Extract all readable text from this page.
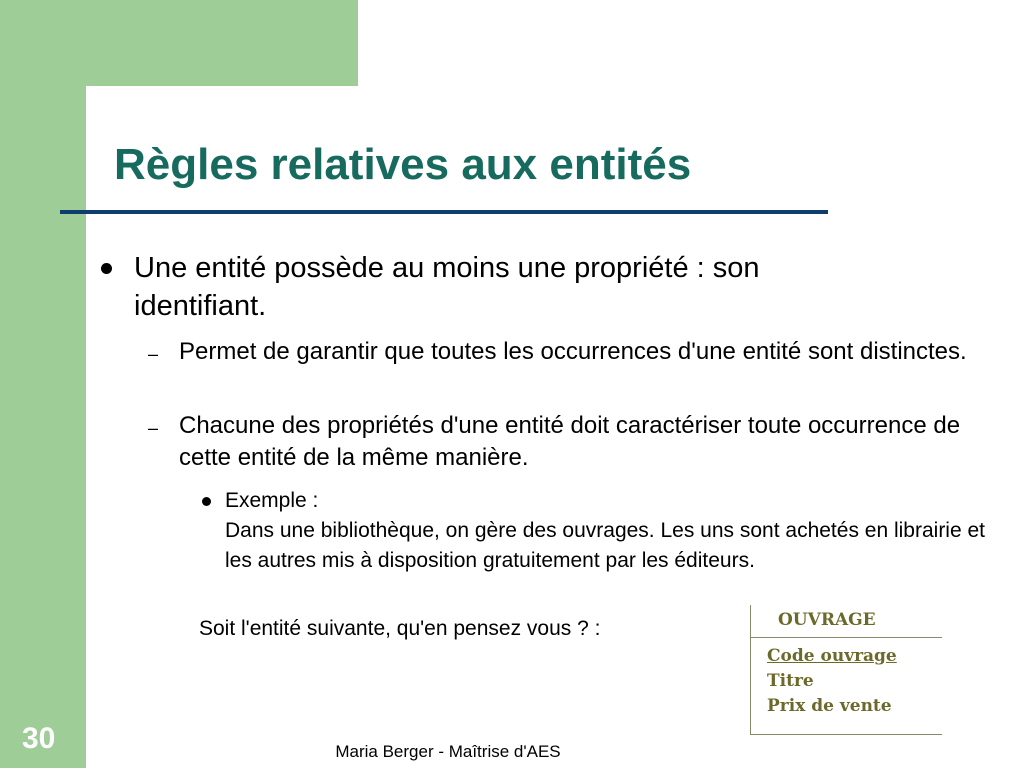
Règles relatives aux entités
Une entité possède au moins une propriété : son identifiant.
– Permet de garantir que toutes les occurrences d'une entité sont distinctes.
– Chacune des propriétés d'une entité doit caractériser toute occurrence de cette entité de la même manière.
Exemple :
Dans une bibliothèque, on gère des ouvrages. Les uns sont achetés en librairie et les autres mis à disposition gratuitement par les éditeurs.
Soit l'entité suivante, qu'en pensez vous ? :	OUVRAGE
Code ouvrage
Titre
Prix de vente
30	Maria Berger - Maîtrise d'AES
